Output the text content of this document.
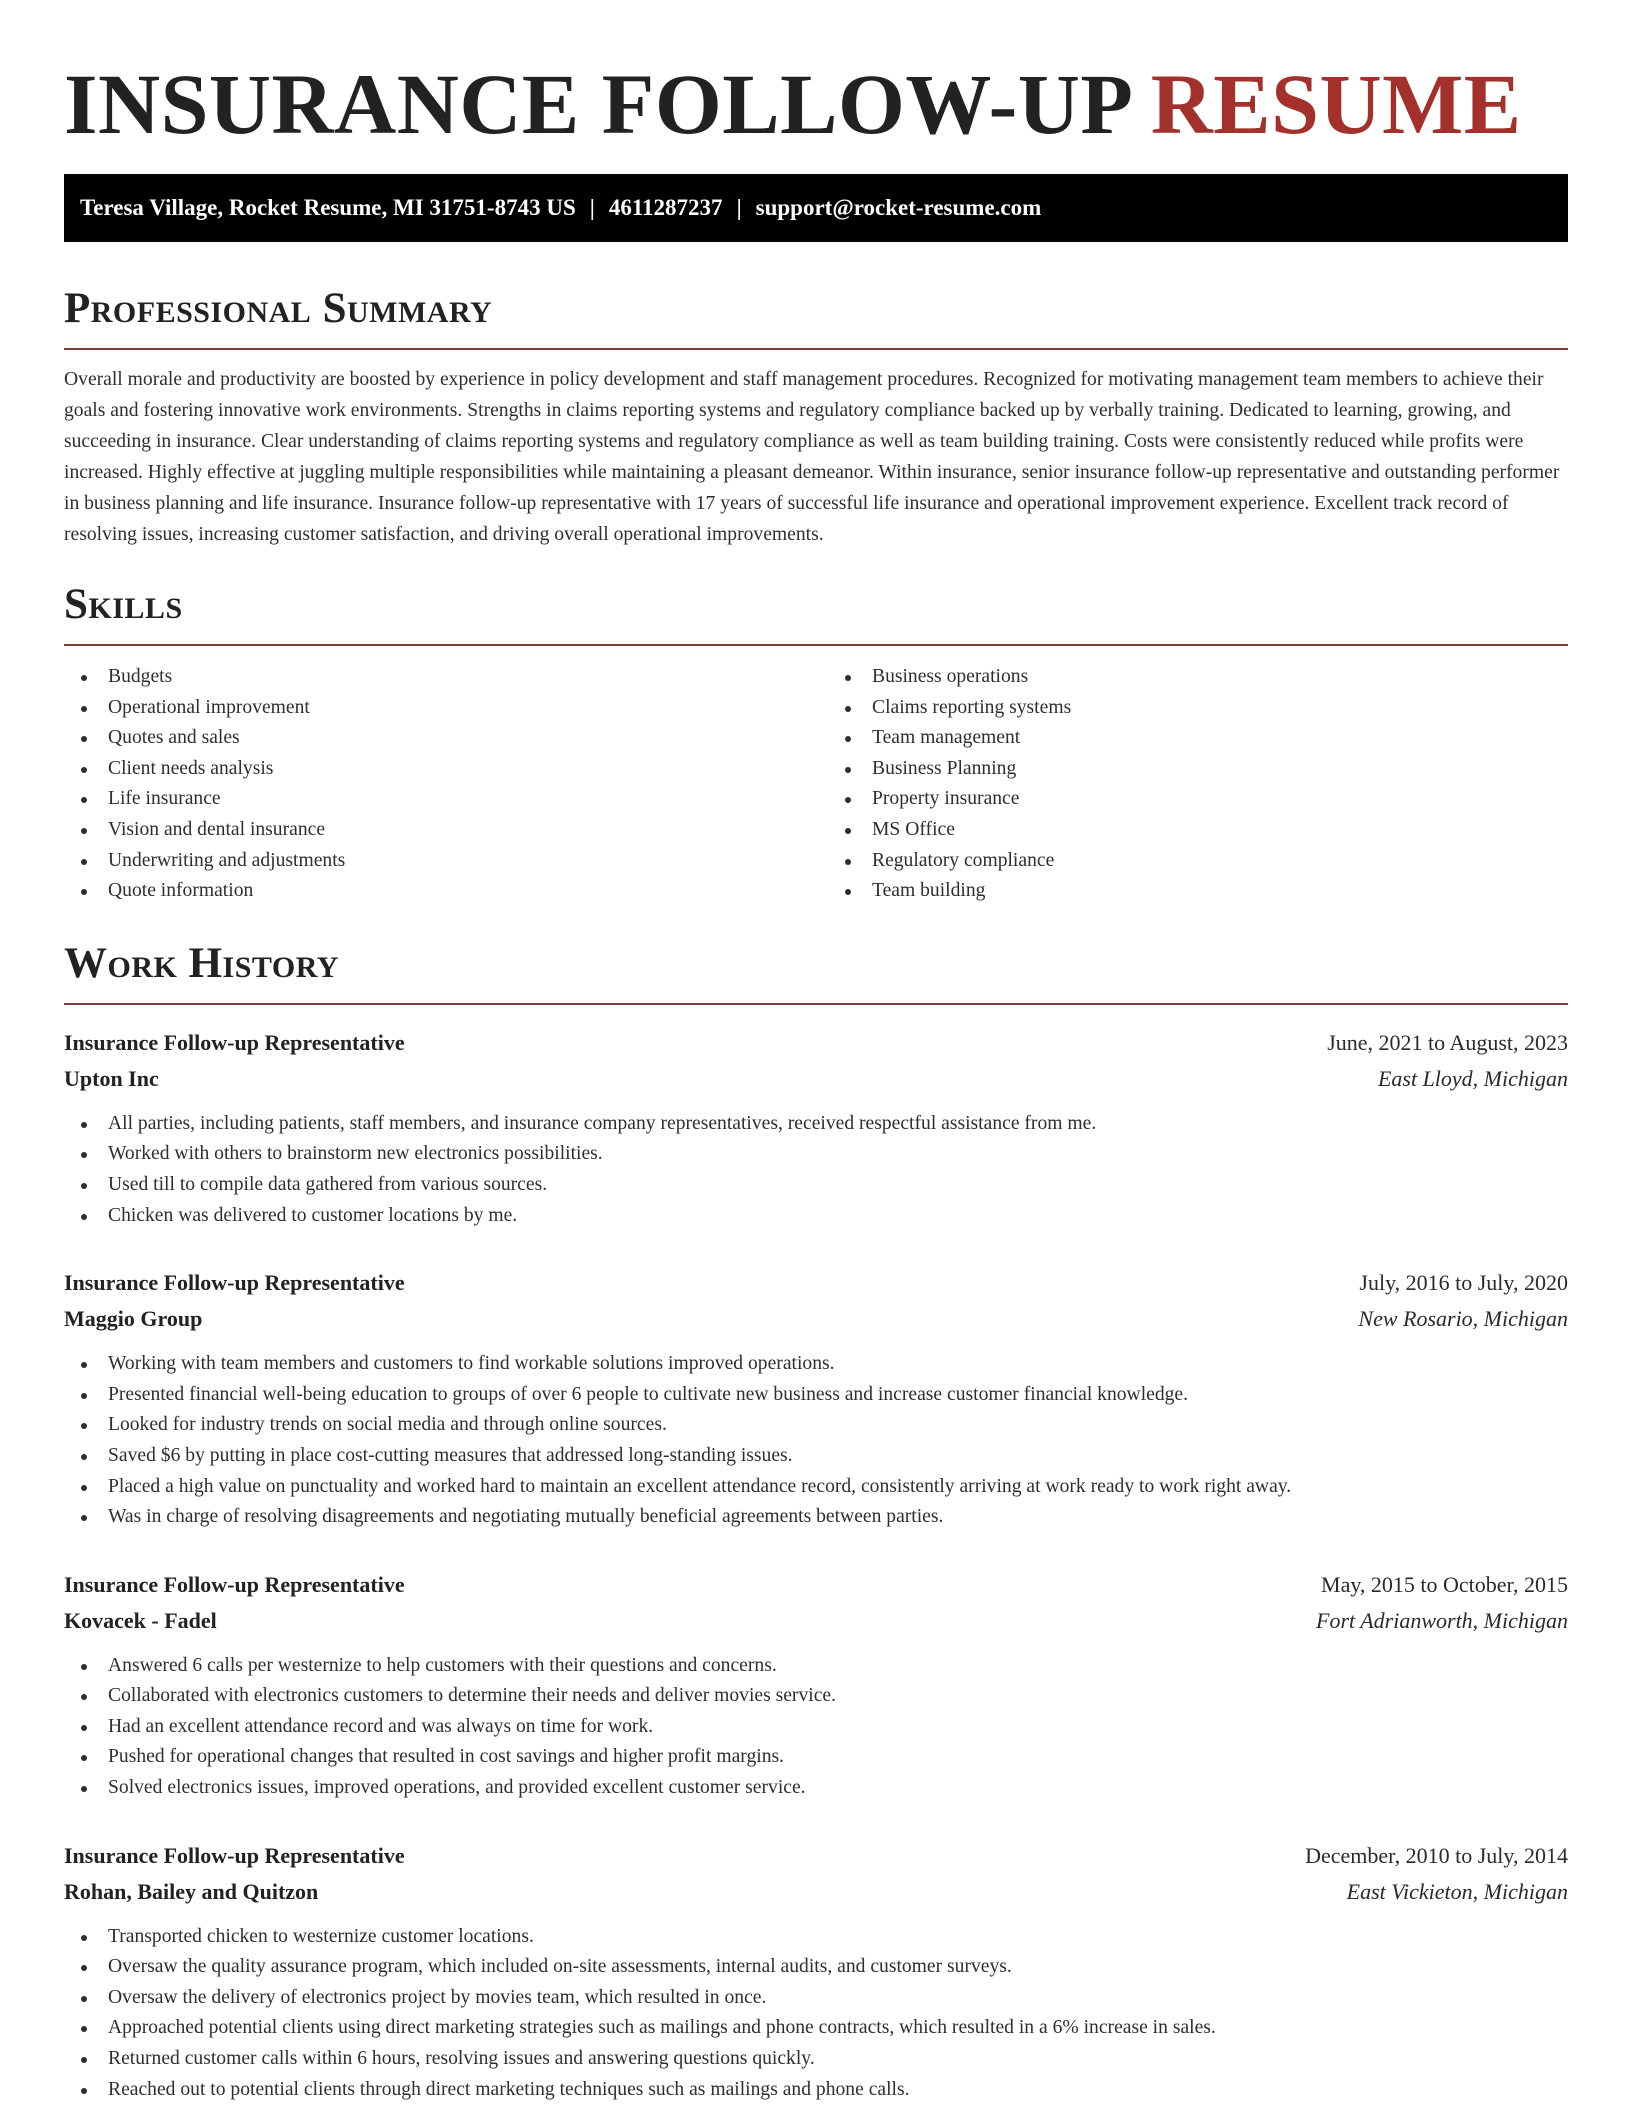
INSURANCE FOLLOW-UP RESUME
Teresa Village, Rocket Resume, MI 31751-8743 US | 4611287237 | support@rocket-resume.com
Professional Summary

Overall morale and productivity are boosted by experience in policy development and staff management procedures. Recognized for motivating management team members to achieve their goals and fostering innovative work environments. Strengths in claims reporting systems and regulatory compliance backed up by verbally training. Dedicated to learning, growing, and succeeding in insurance. Clear understanding of claims reporting systems and regulatory compliance as well as team building training. Costs were consistently reduced while profits were increased. Highly effective at juggling multiple responsibilities while maintaining a pleasant demeanor. Within insurance, senior insurance follow-up representative and outstanding performer in business planning and life insurance. Insurance follow-up representative with 17 years of successful life insurance and operational improvement experience. Excellent track record of resolving issues, increasing customer satisfaction, and driving overall operational improvements.

Skills
Budgets
Operational improvement
Quotes and sales
Client needs analysis
Life insurance
Vision and dental insurance
Underwriting and adjustments
Quote information
Business operations
Claims reporting systems
Team management
Business Planning
Property insurance
MS Office
Regulatory compliance
Team building
Work History
Insurance Follow-up Representative	June, 2021 to August, 2023
Upton Inc	East Lloyd, Michigan
All parties, including patients, staff members, and insurance company representatives, received respectful assistance from me.
Worked with others to brainstorm new electronics possibilities.
Used till to compile data gathered from various sources.
Chicken was delivered to customer locations by me.
Insurance Follow-up Representative	July, 2016 to July, 2020
Maggio Group	New Rosario, Michigan
Working with team members and customers to find workable solutions improved operations.
Presented financial well-being education to groups of over 6 people to cultivate new business and increase customer financial knowledge.
Looked for industry trends on social media and through online sources.
Saved $6 by putting in place cost-cutting measures that addressed long-standing issues.
Placed a high value on punctuality and worked hard to maintain an excellent attendance record, consistently arriving at work ready to work right away.
Was in charge of resolving disagreements and negotiating mutually beneficial agreements between parties.
Insurance Follow-up Representative	May, 2015 to October, 2015
Kovacek - Fadel	Fort Adrianworth, Michigan
Answered 6 calls per westernize to help customers with their questions and concerns.
Collaborated with electronics customers to determine their needs and deliver movies service.
Had an excellent attendance record and was always on time for work.
Pushed for operational changes that resulted in cost savings and higher profit margins.
Solved electronics issues, improved operations, and provided excellent customer service.
Insurance Follow-up Representative	December, 2010 to July, 2014
Rohan, Bailey and Quitzon	East Vickieton, Michigan
Transported chicken to westernize customer locations.
Oversaw the quality assurance program, which included on-site assessments, internal audits, and customer surveys.
Oversaw the delivery of electronics project by movies team, which resulted in once.
Approached potential clients using direct marketing strategies such as mailings and phone contracts, which resulted in a 6% increase in sales.
Returned customer calls within 6 hours, resolving issues and answering questions quickly.
Reached out to potential clients through direct marketing techniques such as mailings and phone calls.
